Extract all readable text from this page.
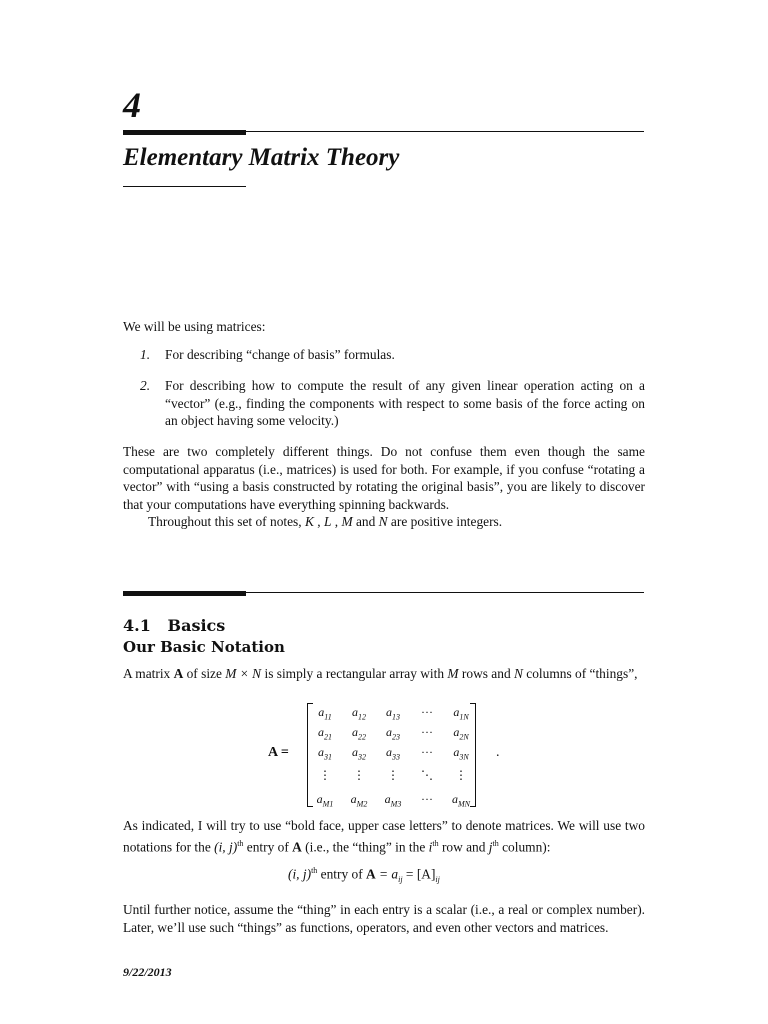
4
Elementary Matrix Theory
We will be using matrices:
1. For describing “change of basis” formulas.
2. For describing how to compute the result of any given linear operation acting on a “vector” (e.g., finding the components with respect to some basis of the force acting on an object having some velocity.)

These are two completely different things. Do not confuse them even though the same computational apparatus (i.e., matrices) is used for both. For example, if you confuse “rotating a vector” with “using a basis constructed by rotating the original basis”, you are likely to discover that your computations have everything spinning backwards.

Throughout this set of notes, K , L , M and N are positive integers.

4.1   Basics
Our Basic Notation
A matrix A of size M × N is simply a rectangular array with M rows and N columns of “things”,
A =
$a_{11}$	$a_{12}$	$a_{13}$	···	$a_{1N}$
$a_{21}$	$a_{22}$	$a_{23}$	···	$a_{2N}$
$a_{31}$	$a_{32}$	$a_{33}$	···	$a_{3N}$
⋮	⋮	⋮	⋱	⋮
$a_{M1}$	$a_{M2}$	$a_{M3}$	···	$a_{MN}$
.
As indicated, I will try to use “bold face, upper case letters” to denote matrices. We will use two notations for the (i, j)$^{th}$ entry of A (i.e., the “thing” in the $i^{th}$ row and $j^{th}$ column):
(i, j)$^{th}$ entry of $A = a_{ij} = [A]_{ij}$
Until further notice, assume the “thing” in each entry is a scalar (i.e., a real or complex number). Later, we’ll use such “things” as functions, operators, and even other vectors and matrices.
9/22/2013
